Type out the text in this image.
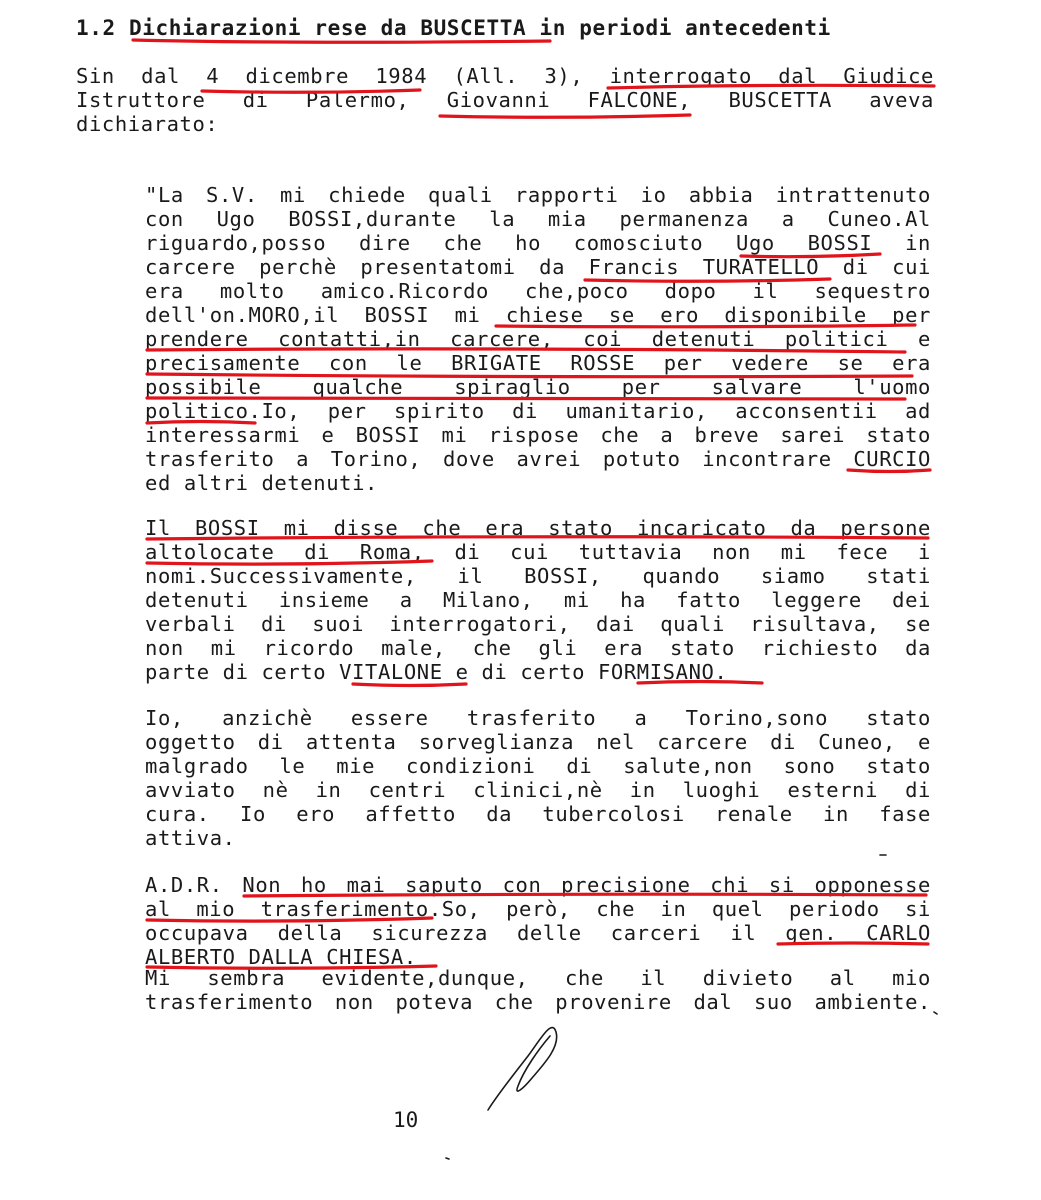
1.2 Dichiarazioni rese da BUSCETTA in periodi antecedenti
Sin dal 4 dicembre 1984 (All. 3), interrogato dal Giudice
Istruttore di Palermo, Giovanni FALCONE, BUSCETTA aveva
dichiarato:
"La S.V. mi chiede quali rapporti io abbia intrattenuto
con Ugo BOSSI,durante la mia permanenza a Cuneo.Al
riguardo,posso dire che ho comosciuto Ugo BOSSI in
carcere perchè presentatomi da Francis TURATELLO di cui
era molto amico.Ricordo che,poco dopo il sequestro
dell'on.MORO,il BOSSI mi chiese se ero disponibile per
prendere contatti,in carcere, coi detenuti politici e
precisamente con le BRIGATE ROSSE per vedere se era
possibile qualche spiraglio per salvare l'uomo
politico.Io, per spirito di umanitario, acconsentii ad
interessarmi e BOSSI mi rispose che a breve sarei stato
trasferito a Torino, dove avrei potuto incontrare CURCIO
ed altri detenuti.
Il BOSSI mi disse che era stato incaricato da persone
altolocate di Roma, di cui tuttavia non mi fece i
nomi.Successivamente, il BOSSI, quando siamo stati
detenuti insieme a Milano, mi ha fatto leggere dei
verbali di suoi interrogatori, dai quali risultava, se
non mi ricordo male, che gli era stato richiesto da
parte di certo VITALONE e di certo FORMISANO.
Io, anzichè essere trasferito a Torino,sono stato
oggetto di attenta sorveglianza nel carcere di Cuneo, e
malgrado le mie condizioni di salute,non sono stato
avviato nè in centri clinici,nè in luoghi esterni di
cura. Io ero affetto da tubercolosi renale in fase
attiva.
A.D.R. Non ho mai saputo con precisione chi si opponesse
al mio trasferimento.So, però, che in quel periodo si
occupava della sicurezza delle carceri il gen. CARLO
ALBERTO DALLA CHIESA.
Mi sembra evidente,dunque, che il divieto al mio
trasferimento non poteva che provenire dal suo ambiente.
10
